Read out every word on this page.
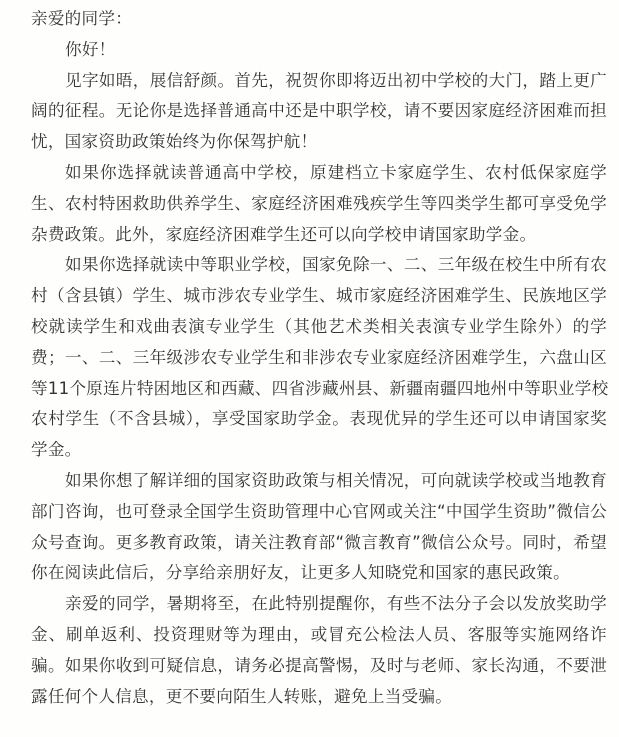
亲爱的同学：
你好！
见字如晤，展信舒颜。首先，祝贺你即将迈出初中学校的大门，踏上更广
阔的征程。无论你是选择普通高中还是中职学校，请不要因家庭经济困难而担
忧，国家资助政策始终为你保驾护航！
如果你选择就读普通高中学校，原建档立卡家庭学生、农村低保家庭学
生、农村特困救助供养学生、家庭经济困难残疾学生等四类学生都可享受免学
杂费政策。此外，家庭经济困难学生还可以向学校申请国家助学金。
如果你选择就读中等职业学校，国家免除一、二、三年级在校生中所有农
村（含县镇）学生、城市涉农专业学生、城市家庭经济困难学生、民族地区学
校就读学生和戏曲表演专业学生（其他艺术类相关表演专业学生除外）的学
费；一、二、三年级涉农专业学生和非涉农专业家庭经济困难学生，六盘山区
等11个原连片特困地区和西藏、四省涉藏州县、新疆南疆四地州中等职业学校
农村学生（不含县城），享受国家助学金。表现优异的学生还可以申请国家奖
学金。
如果你想了解详细的国家资助政策与相关情况，可向就读学校或当地教育
部门咨询，也可登录全国学生资助管理中心官网或关注“中国学生资助”微信公
众号查询。更多教育政策，请关注教育部“微言教育”微信公众号。同时，希望
你在阅读此信后，分享给亲朋好友，让更多人知晓党和国家的惠民政策。
亲爱的同学，暑期将至，在此特别提醒你，有些不法分子会以发放奖助学
金、刷单返利、投资理财等为理由，或冒充公检法人员、客服等实施网络诈
骗。如果你收到可疑信息，请务必提高警惕，及时与老师、家长沟通，不要泄
露任何个人信息，更不要向陌生人转账，避免上当受骗。
